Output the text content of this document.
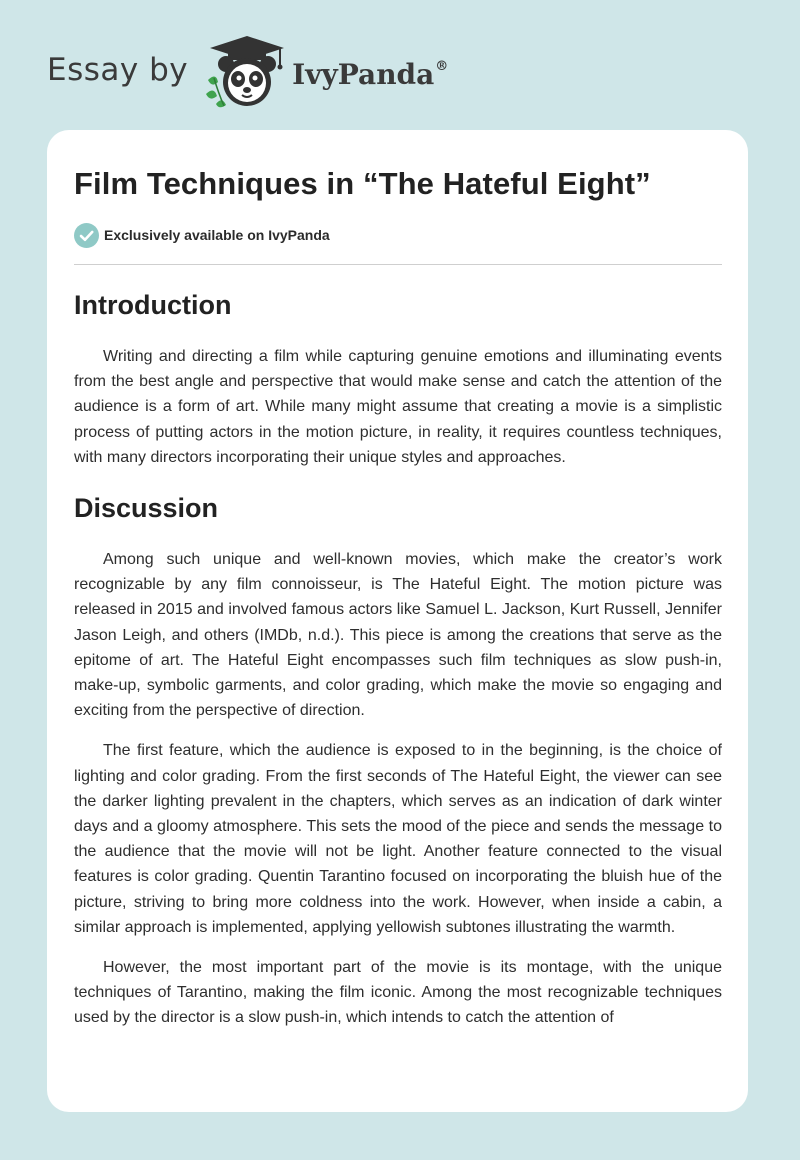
Essay by	IvyPanda®
Film Techniques in “The Hateful Eight”
Exclusively available on IvyPanda
Introduction

Writing and directing a film while capturing genuine emotions and illuminating events from the best angle and perspective that would make sense and catch the attention of the audience is a form of art. While many might assume that creating a movie is a simplistic process of putting actors in the motion picture, in reality, it requires countless techniques, with many directors incorporating their unique styles and approaches.

Discussion

Among such unique and well-known movies, which make the creator’s work recognizable by any film connoisseur, is The Hateful Eight. The motion picture was released in 2015 and involved famous actors like Samuel L. Jackson, Kurt Russell, Jennifer Jason Leigh, and others (IMDb, n.d.). This piece is among the creations that serve as the epitome of art. The Hateful Eight encompasses such film techniques as slow push-in, make-up, symbolic garments, and color grading, which make the movie so engaging and exciting from the perspective of direction.

The first feature, which the audience is exposed to in the beginning, is the choice of lighting and color grading. From the first seconds of The Hateful Eight, the viewer can see the darker lighting prevalent in the chapters, which serves as an indication of dark winter days and a gloomy atmosphere. This sets the mood of the piece and sends the message to the audience that the movie will not be light. Another feature connected to the visual features is color grading. Quentin Tarantino focused on incorporating the bluish hue of the picture, striving to bring more coldness into the work. However, when inside a cabin, a similar approach is implemented, applying yellowish subtones illustrating the warmth.

However, the most important part of the movie is its montage, with the unique techniques of Tarantino, making the film iconic. Among the most recognizable techniques used by the director is a slow push-in, which intends to catch the attention of
